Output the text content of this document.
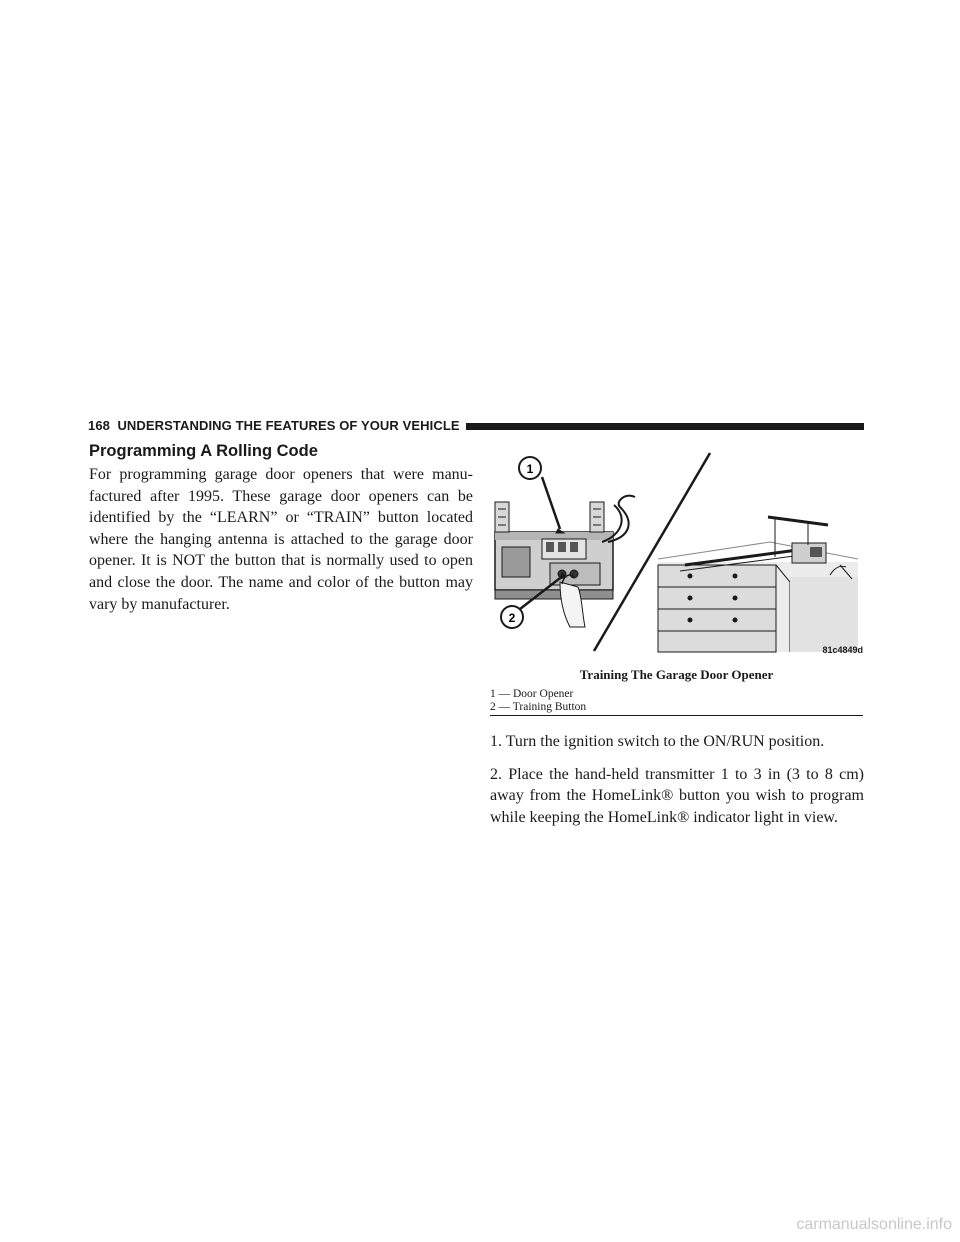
168 UNDERSTANDING THE FEATURES OF YOUR VEHICLE
Programming A Rolling Code

For programming garage door openers that were manu-factured after 1995. These garage door openers can be identified by the “LEARN” or “TRAIN” button located where the hanging antenna is attached to the garage door opener. It is NOT the button that is normally used to open and close the door. The name and color of the button may vary by manufacturer.

1
2
81c4849d

Training The Garage Door Opener

1 — Door Opener
2 — Training Button

1. Turn the ignition switch to the ON/RUN position.

2. Place the hand-held transmitter 1 to 3 in (3 to 8 cm) away from the HomeLink® button you wish to program while keeping the HomeLink® indicator light in view.

carmanualsonline.info
